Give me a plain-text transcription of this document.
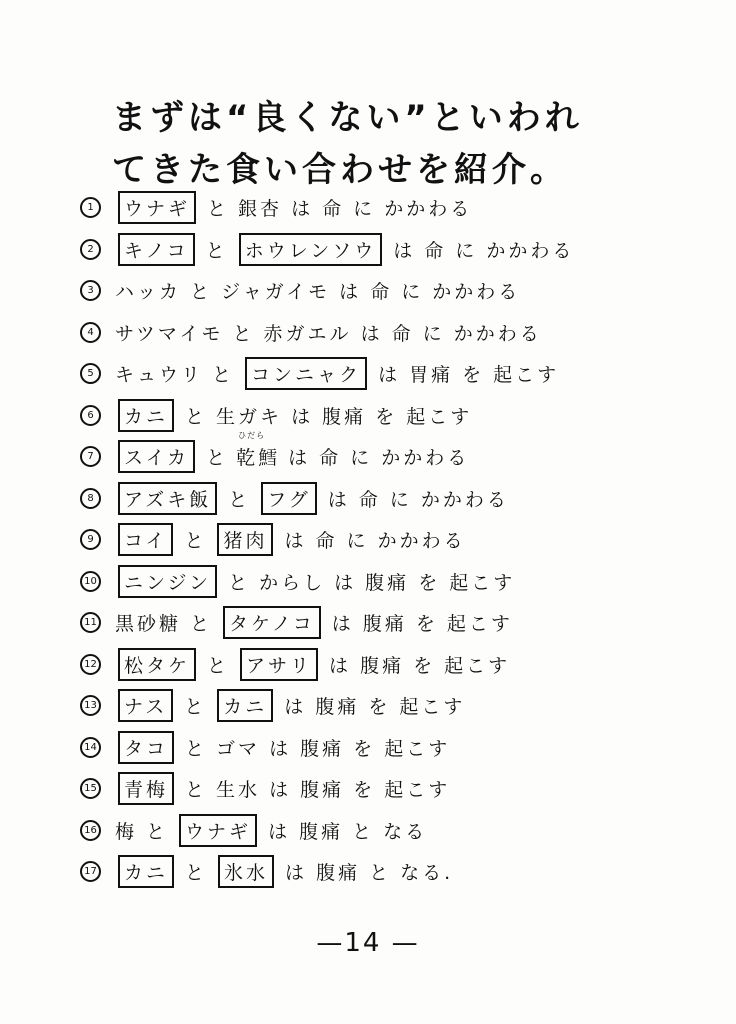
まずは“良くない”といわれ
てきた食い合わせを紹介。
1	ウナギ と 銀杏 は 命 に かかわる
2	キノコ と ホウレンソウ は 命 に かかわる
3	ハッカ と ジャガイモ は 命 に かかわる
4	サツマイモ と 赤ガエル は 命 に かかわる
5	キュウリ と コンニャク は 胃痛 を 起こす
6	カニ と 生ガキ は 腹痛 を 起こす
7	スイカ と
ひだら
乾鱈 は 命 に かかわる
8	アズキ飯 と フグ は 命 に かかわる
9	コイ と 猪肉 は 命 に かかわる
10	ニンジン と からし は 腹痛 を 起こす
11 黒砂糖 と タケノコ は 腹痛 を 起こす
12	松タケ と アサリ は 腹痛 を 起こす
13	ナス と カニ は 腹痛 を 起こす
14	タコ と ゴマ は 腹痛 を 起こす
15	青梅 と 生水 は 腹痛 を 起こす
16 梅 と ウナギ は 腹痛 と なる
17	カニ と 氷水 は 腹痛 と なる.
—14 —
